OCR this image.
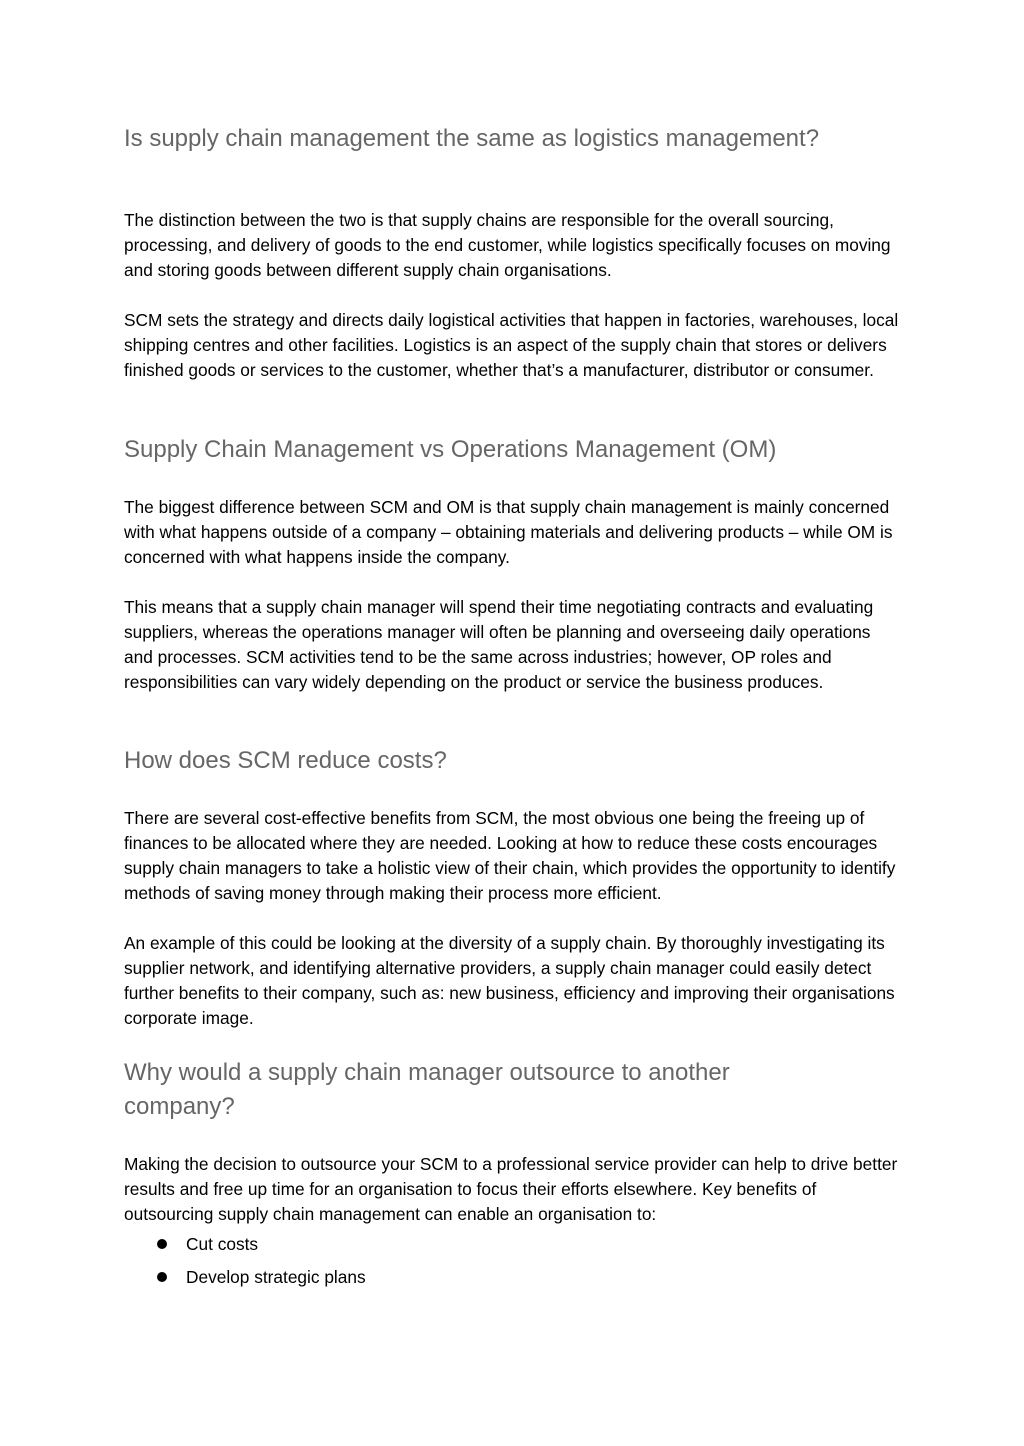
Is supply chain management the same as logistics management?

The distinction between the two is that supply chains are responsible for the overall sourcing, processing, and delivery of goods to the end customer, while logistics specifically focuses on moving and storing goods between different supply chain organisations.

SCM sets the strategy and directs daily logistical activities that happen in factories, warehouses, local shipping centres and other facilities. Logistics is an aspect of the supply chain that stores or delivers finished goods or services to the customer, whether that’s a manufacturer, distributor or consumer.

Supply Chain Management vs Operations Management (OM)

The biggest difference between SCM and OM is that supply chain management is mainly concerned with what happens outside of a company – obtaining materials and delivering products – while OM is concerned with what happens inside the company.

This means that a supply chain manager will spend their time negotiating contracts and evaluating suppliers, whereas the operations manager will often be planning and overseeing daily operations and processes. SCM activities tend to be the same across industries; however, OP roles and responsibilities can vary widely depending on the product or service the business produces.

How does SCM reduce costs?

There are several cost-effective benefits from SCM, the most obvious one being the freeing up of finances to be allocated where they are needed. Looking at how to reduce these costs encourages supply chain managers to take a holistic view of their chain, which provides the opportunity to identify methods of saving money through making their process more efficient.

An example of this could be looking at the diversity of a supply chain. By thoroughly investigating its supplier network, and identifying alternative providers, a supply chain manager could easily detect further benefits to their company, such as: new business, efficiency and improving their organisations corporate image.

Why would a supply chain manager outsource to another company?

Making the decision to outsource your SCM to a professional service provider can help to drive better results and free up time for an organisation to focus their efforts elsewhere. Key benefits of outsourcing supply chain management can enable an organisation to:

Cut costs
Develop strategic plans
